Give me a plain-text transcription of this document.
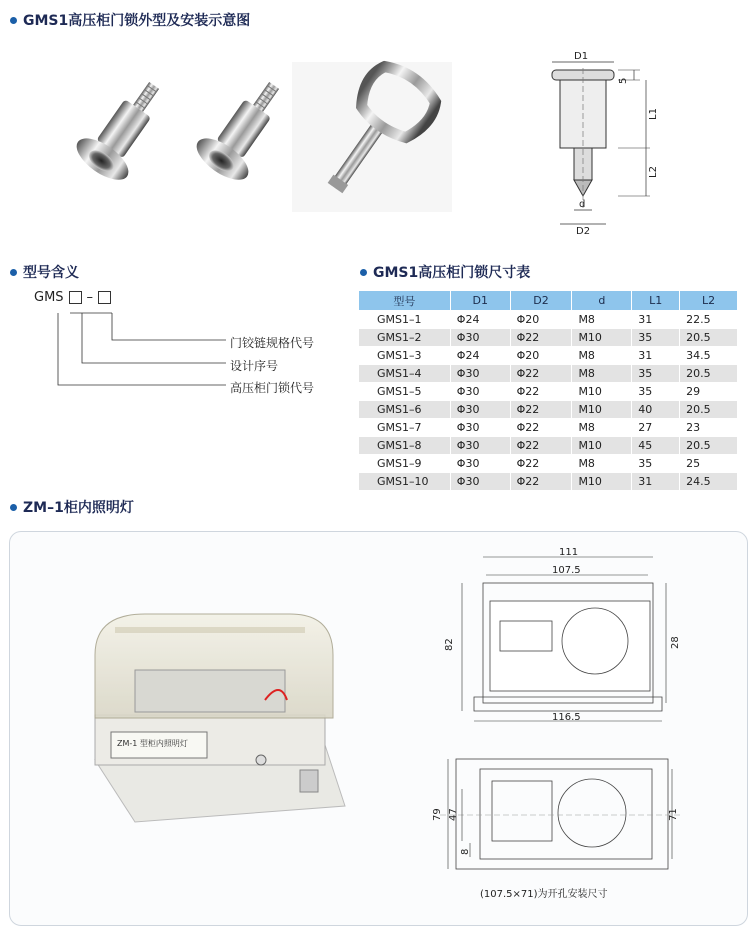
GMS1高压柜门锁外型及安装示意图
D1
5
L1
L2
d
D2
型号含义
GMS –
门铰链规格代号
设计序号
高压柜门锁代号
GMS1高压柜门锁尺寸表
型号	D1	D2	d	L1	L2
GMS1–1	Φ24	Φ20	M8	31	22.5
GMS1–2	Φ30	Φ22	M10	35	20.5
GMS1–3	Φ24	Φ20	M8	31	34.5
GMS1–4	Φ30	Φ22	M8	35	20.5
GMS1–5	Φ30	Φ22	M10	35	29
GMS1–6	Φ30	Φ22	M10	40	20.5
GMS1–7	Φ30	Φ22	M8	27	23
GMS1–8	Φ30	Φ22	M10	45	20.5
GMS1–9	Φ30	Φ22	M8	35	25
GMS1–10	Φ30	Φ22	M10	31	24.5
ZM–1柜内照明灯
ZM-1 型柜内照明灯
111
107.5
82	28
116.5
79 47
8
71
(107.5×71)为开孔安装尺寸
